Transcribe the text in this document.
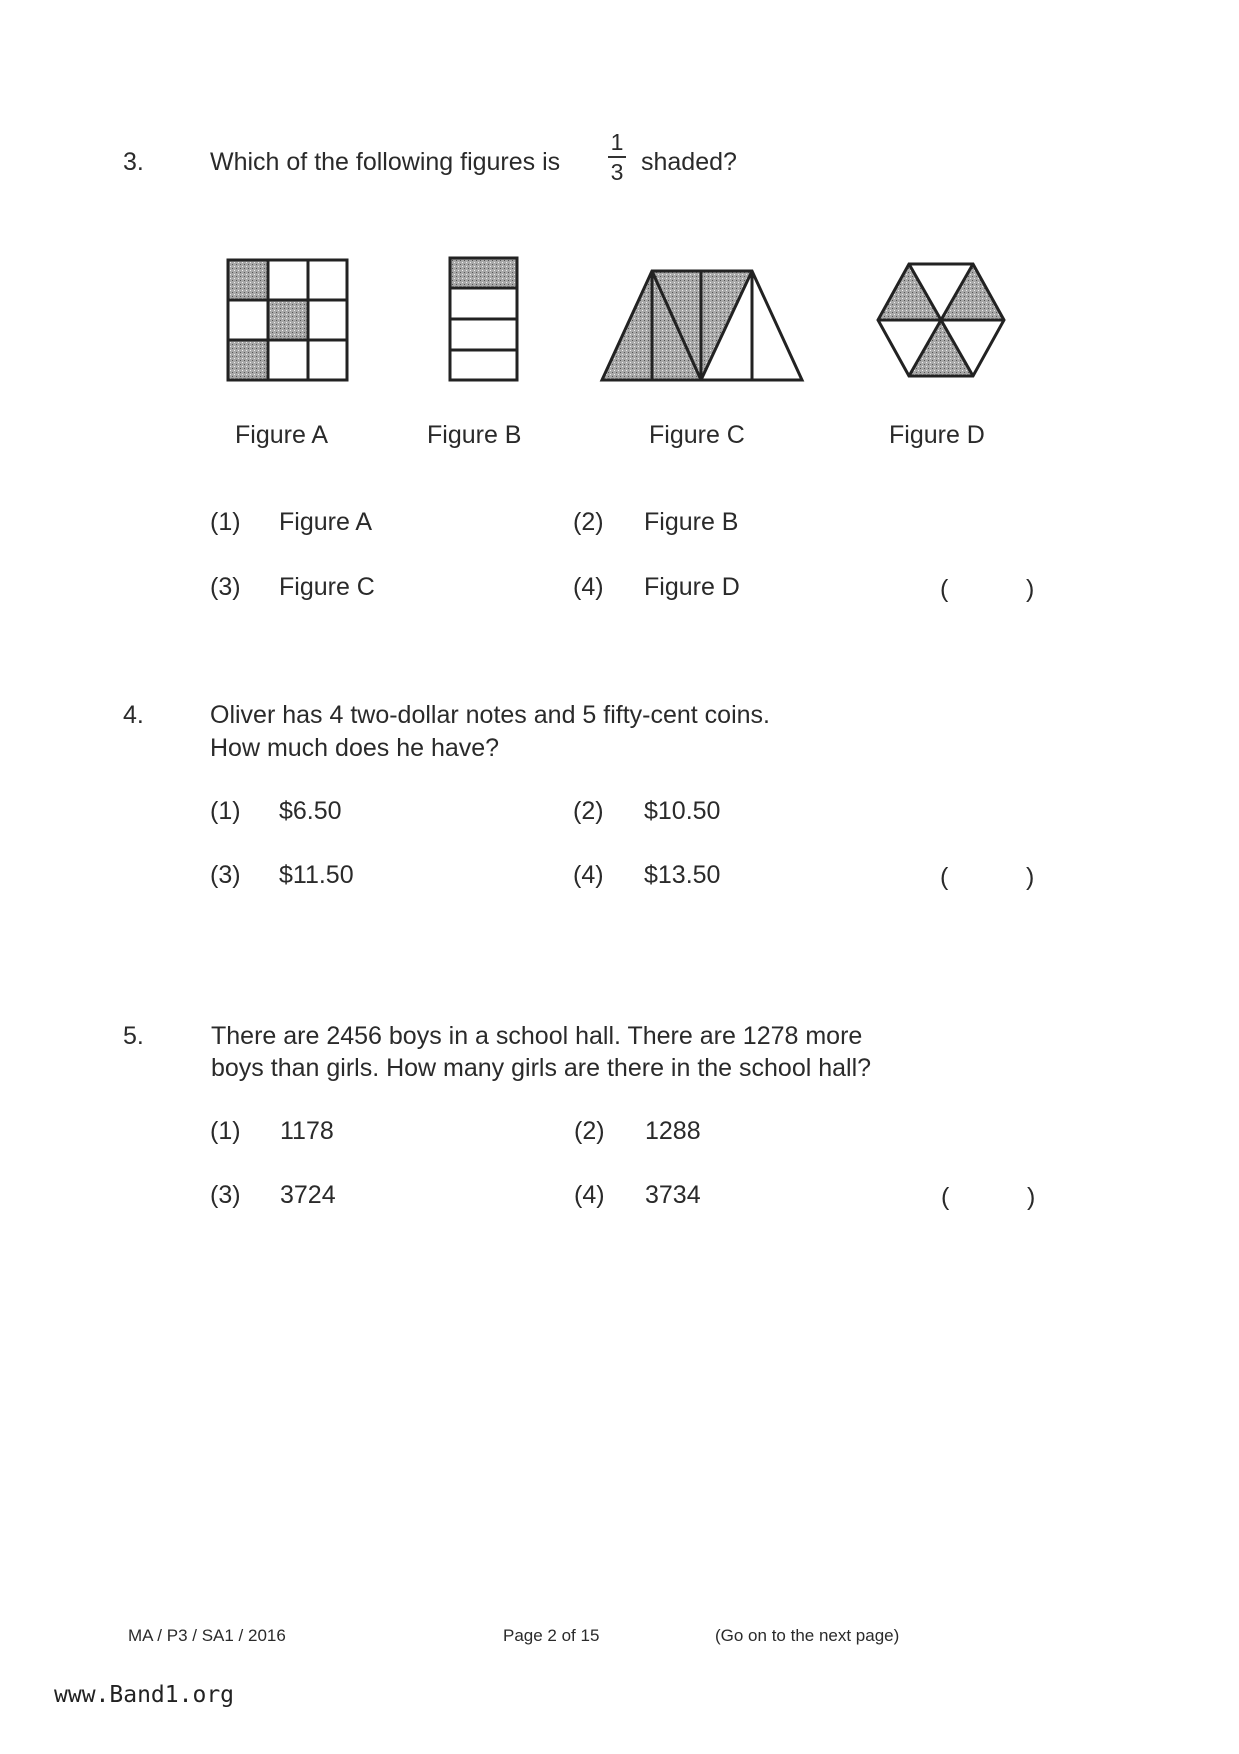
3.	Which of the following figures is
1
3 shaded?
Figure A	Figure B	Figure C	Figure D
(1) Figure A	(2) Figure B
(3) Figure C	(4) Figure D	(	)
4.	Oliver has 4 two-dollar notes and 5 fifty-cent coins.
How much does he have?
(1) $6.50	(2) $10.50
(3) $11.50	(4) $13.50	(	)
5.	There are 2456 boys in a school hall. There are 1278 more
boys than girls. How many girls are there in the school hall?
(1) 1178	(2) 1288
(3) 3724	(4) 3734	(	)
MA / P3 / SA1 / 2016	Page 2 of 15	(Go on to the next page)
www.Band1.org
